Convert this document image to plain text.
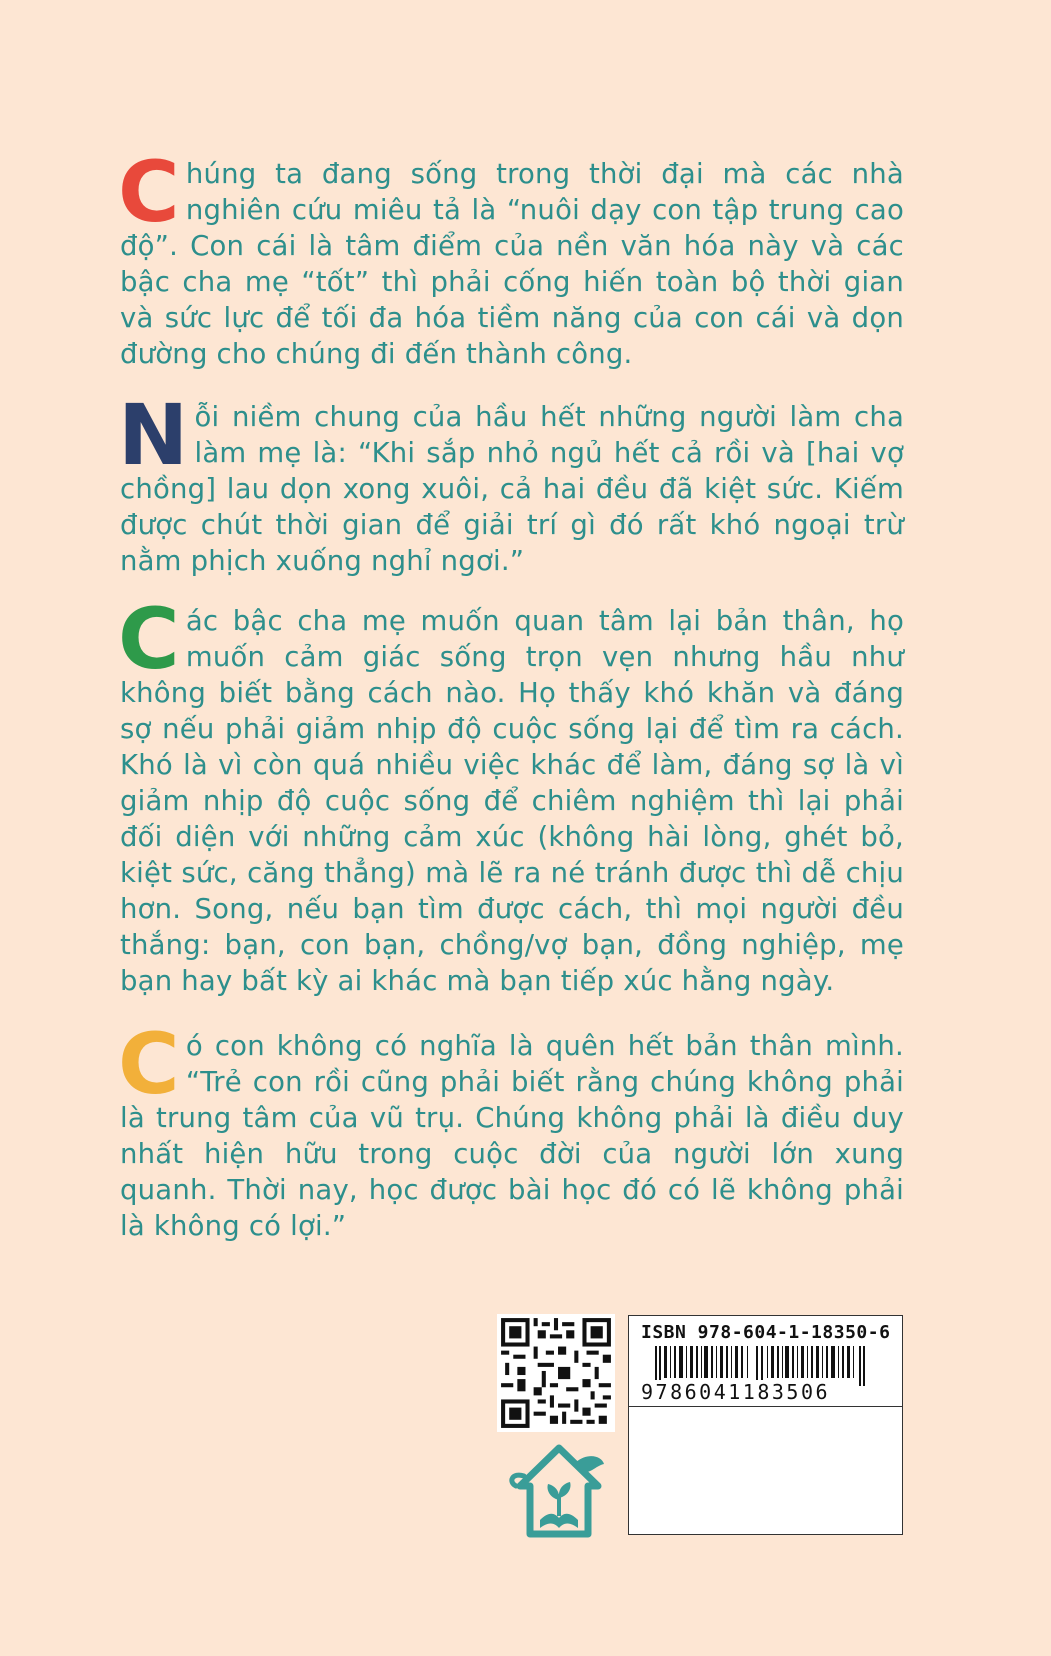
Chúng ta đang sống trong thời đại mà các nhà nghiên cứu miêu tả là “nuôi dạy con tập trung cao độ”. Con cái là tâm điểm của nền văn hóa này và các bậc cha mẹ “tốt” thì phải cống hiến toàn bộ thời gian và sức lực để tối đa hóa tiềm năng của con cái và dọn đường cho chúng đi đến thành công.
Nỗi niềm chung của hầu hết những người làm cha làm mẹ là: “Khi sắp nhỏ ngủ hết cả rồi và [hai vợ chồng] lau dọn xong xuôi, cả hai đều đã kiệt sức. Kiếm được chút thời gian để giải trí gì đó rất khó ngoại trừ nằm phịch xuống nghỉ ngơi.”
Các bậc cha mẹ muốn quan tâm lại bản thân, họ muốn cảm giác sống trọn vẹn nhưng hầu như không biết bằng cách nào. Họ thấy khó khăn và đáng sợ nếu phải giảm nhịp độ cuộc sống lại để tìm ra cách. Khó là vì còn quá nhiều việc khác để làm, đáng sợ là vì giảm nhịp độ cuộc sống để chiêm nghiệm thì lại phải đối diện với những cảm xúc (không hài lòng, ghét bỏ, kiệt sức, căng thẳng) mà lẽ ra né tránh được thì dễ chịu hơn. Song, nếu bạn tìm được cách, thì mọi người đều thắng: bạn, con bạn, chồng/vợ bạn, đồng nghiệp, mẹ bạn hay bất kỳ ai khác mà bạn tiếp xúc hằng ngày.
Có con không có nghĩa là quên hết bản thân mình. “Trẻ con rồi cũng phải biết rằng chúng không phải là trung tâm của vũ trụ. Chúng không phải là điều duy nhất hiện hữu trong cuộc đời của người lớn xung quanh. Thời nay, học được bài học đó có lẽ không phải là không có lợi.”
ISBN 978-604-1-18350-6
9786041183506
